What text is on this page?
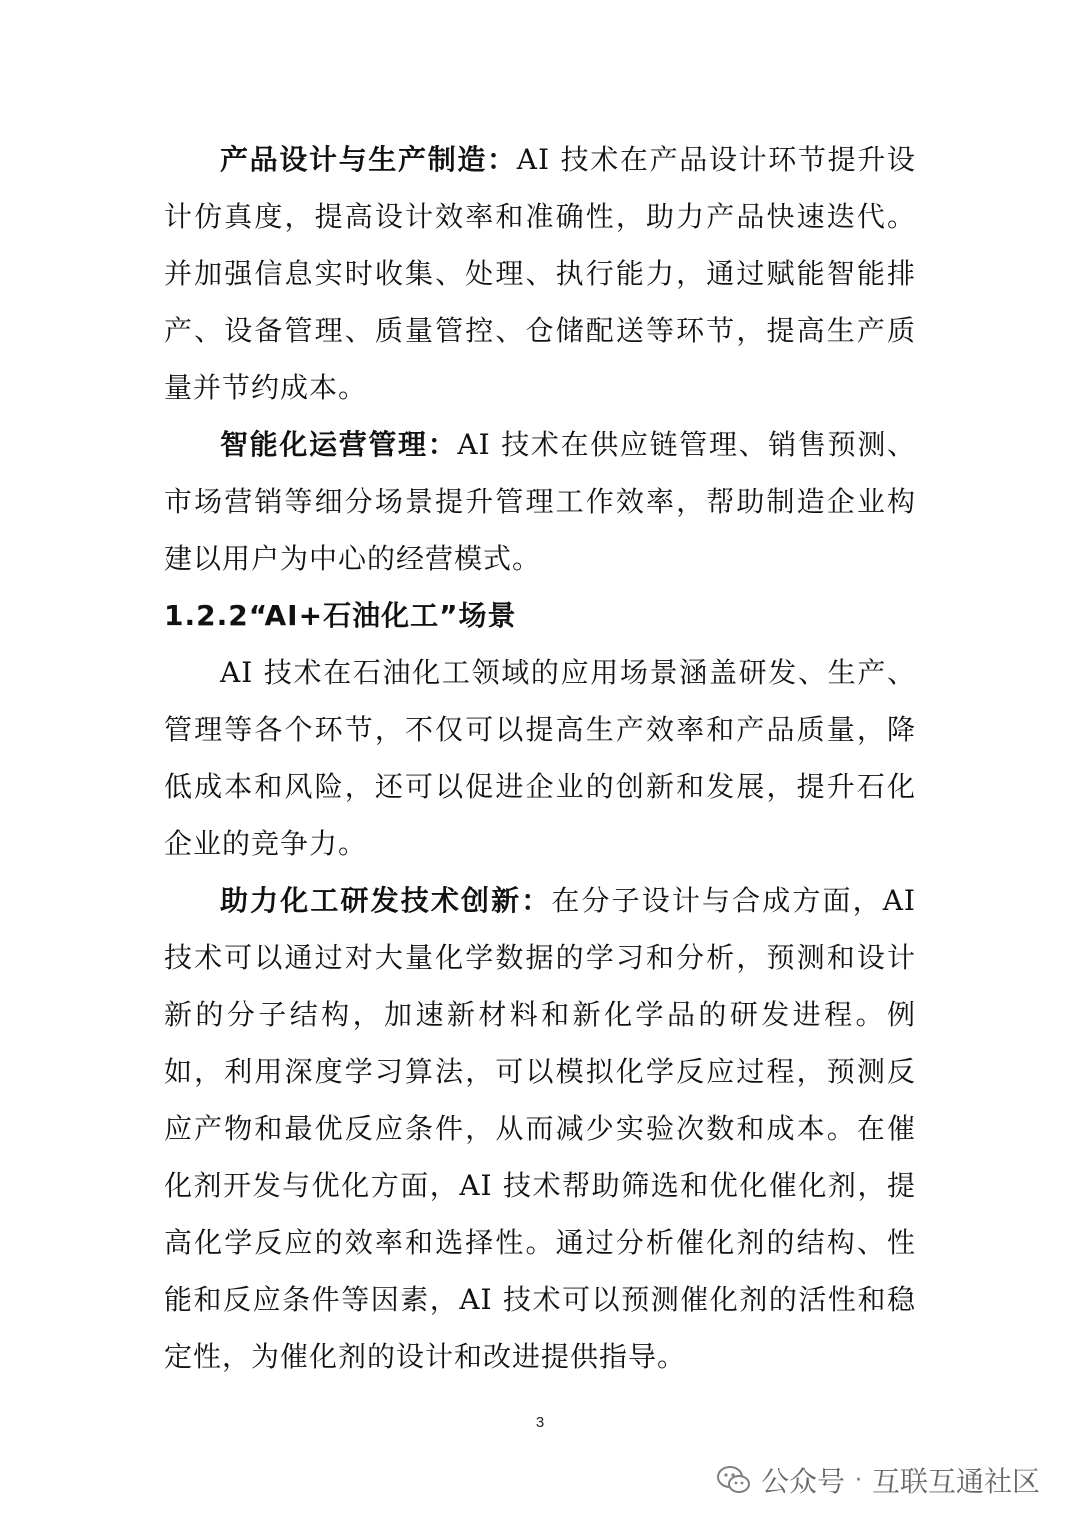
产品设计与生产制造：AI 技术在产品设计环节提升设计仿真度，提高设计效率和准确性，助力产品快速迭代。并加强信息实时收集、处理、执行能力，通过赋能智能排产、设备管理、质量管控、仓储配送等环节，提高生产质量并节约成本。

智能化运营管理：AI 技术在供应链管理、销售预测、市场营销等细分场景提升管理工作效率，帮助制造企业构建以用户为中心的经营模式。

1.2.2“AI+石油化工”场景

AI 技术在石油化工领域的应用场景涵盖研发、生产、管理等各个环节，不仅可以提高生产效率和产品质量，降低成本和风险，还可以促进企业的创新和发展，提升石化企业的竞争力。

助力化工研发技术创新：在分子设计与合成方面，AI 技术可以通过对大量化学数据的学习和分析，预测和设计新的分子结构，加速新材料和新化学品的研发进程。例如，利用深度学习算法，可以模拟化学反应过程，预测反应产物和最优反应条件，从而减少实验次数和成本。在催化剂开发与优化方面，AI 技术帮助筛选和优化催化剂，提高化学反应的效率和选择性。通过分析催化剂的结构、性能和反应条件等因素，AI 技术可以预测催化剂的活性和稳定性，为催化剂的设计和改进提供指导。

3
公众号 · 互联互通社区
